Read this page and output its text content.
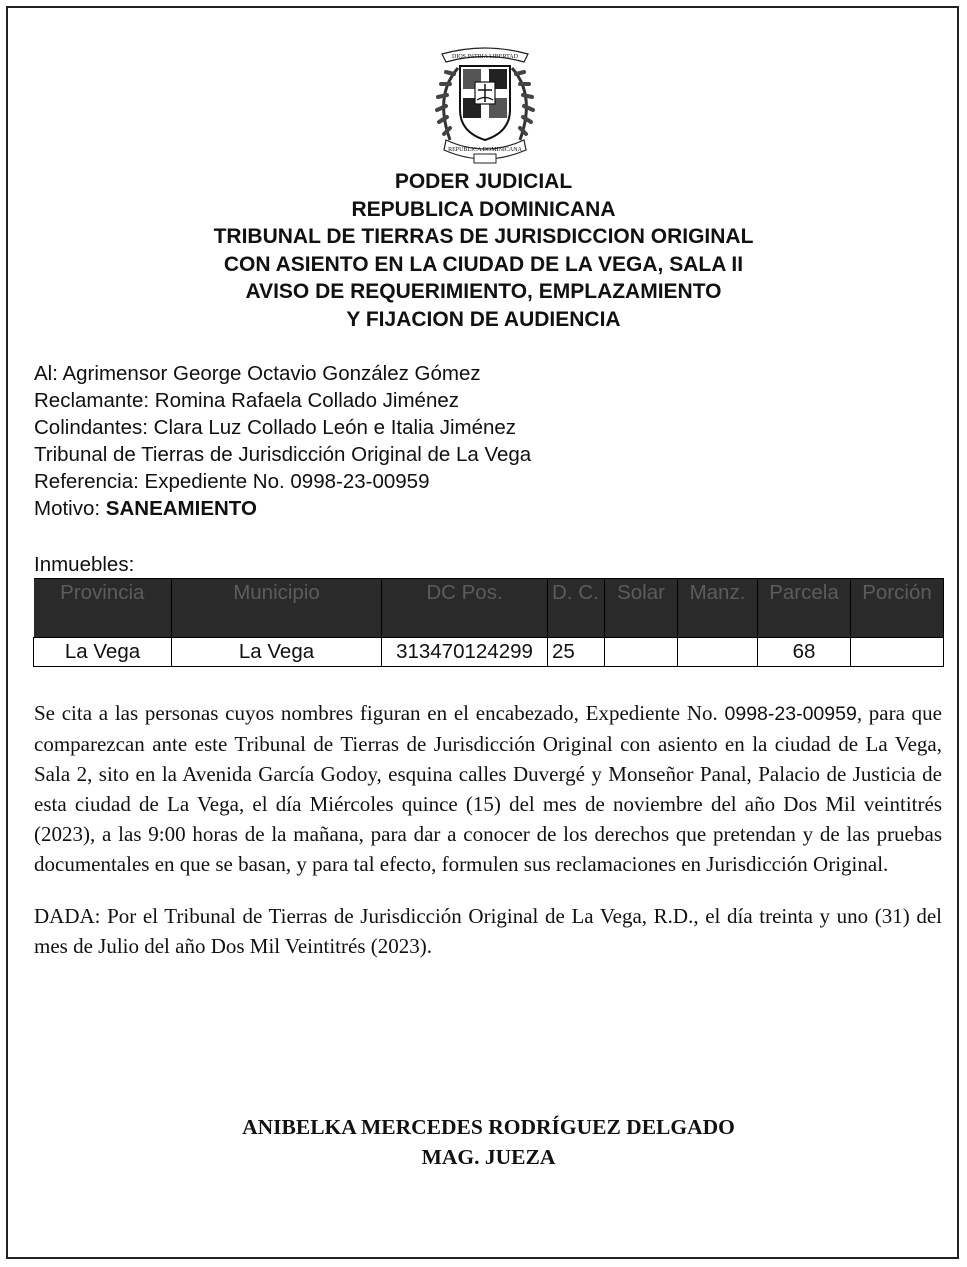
DIOS PATRIA LIBERTAD
REPUBLICA DOMINICANA
PODER JUDICIAL
REPUBLICA DOMINICANA
TRIBUNAL DE TIERRAS DE JURISDICCION ORIGINAL
CON ASIENTO EN LA CIUDAD DE LA VEGA, SALA II
AVISO DE REQUERIMIENTO, EMPLAZAMIENTO
Y FIJACION DE AUDIENCIA
Al: Agrimensor George Octavio González Gómez
Reclamante: Romina Rafaela Collado Jiménez
Colindantes: Clara Luz Collado León e Italia Jiménez
Tribunal de Tierras de Jurisdicción Original de La Vega
Referencia: Expediente No. 0998-23-00959
Motivo: SANEAMIENTO
Inmuebles:
Provincia	Municipio	DC Pos.	D. C.	Solar	Manz.	Parcela	Porción
La Vega	La Vega	313470124299	25			68	

Se cita a las personas cuyos nombres figuran en el encabezado, Expediente No. 0998-23-00959, para que comparezcan ante este Tribunal de Tierras de Jurisdicción Original con asiento en la ciudad de La Vega, Sala 2, sito en la Avenida García Godoy, esquina calles Duvergé y Monseñor Panal, Palacio de Justicia de esta ciudad de La Vega, el día Miércoles quince (15) del mes de noviembre del año Dos Mil veintitrés (2023), a las 9:00 horas de la mañana, para dar a conocer de los derechos que pretendan y de las pruebas documentales en que se basan, y para tal efecto, formulen sus reclamaciones en Jurisdicción Original.

DADA: Por el Tribunal de Tierras de Jurisdicción Original de La Vega, R.D., el día treinta y uno (31) del mes de Julio del año Dos Mil Veintitrés (2023).

ANIBELKA MERCEDES RODRÍGUEZ DELGADO
MAG. JUEZA
